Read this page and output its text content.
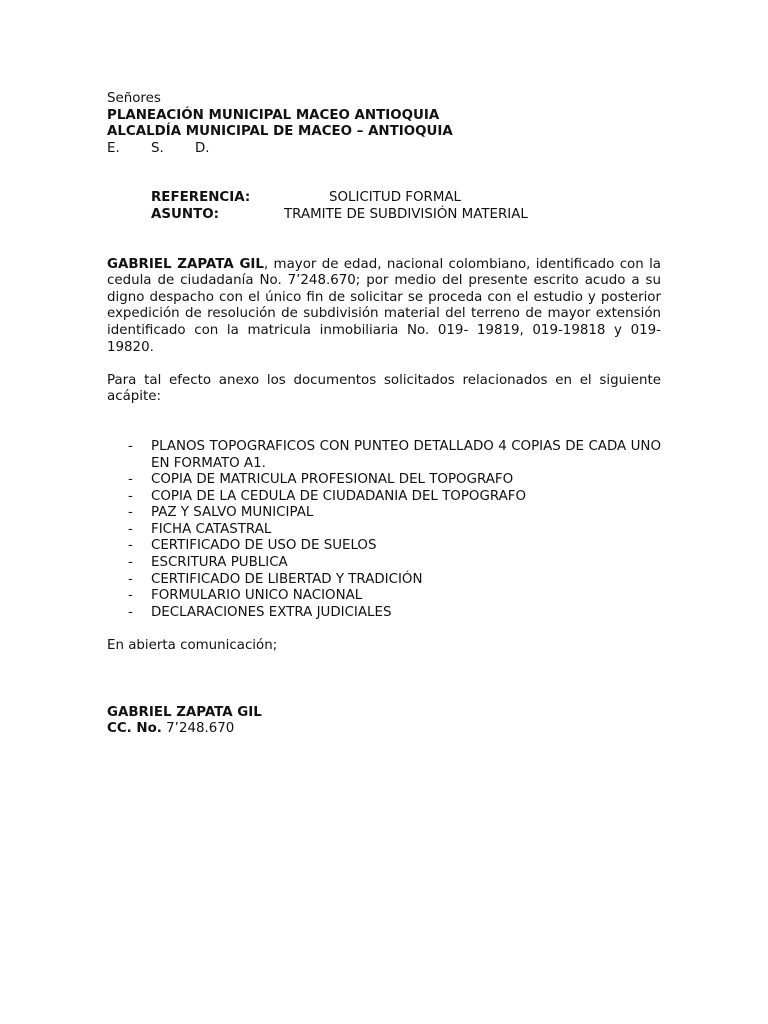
Señores
PLANEACIÓN MUNICIPAL MACEO ANTIOQUIA
ALCALDÍA MUNICIPAL DE MACEO – ANTIOQUIA
E. S. D.
REFERENCIA:	SOLICITUD FORMAL
ASUNTO:	TRAMITE DE SUBDIVISIÓN MATERIAL

GABRIEL ZAPATA GIL, mayor de edad, nacional colombiano, identificado con la cedula de ciudadanía No. 7’248.670; por medio del presente escrito acudo a su digno despacho con el único fin de solicitar se proceda con el estudio y posterior expedición de resolución de subdivisión material del terreno de mayor extensión identificado con la matricula inmobiliaria No. 019- 19819, 019-19818 y 019-19820.

Para tal efecto anexo los documentos solicitados relacionados en el siguiente acápite:

- PLANOS TOPOGRAFICOS CON PUNTEO DETALLADO 4 COPIAS DE CADA UNO EN FORMATO A1.
- COPIA DE MATRICULA PROFESIONAL DEL TOPOGRAFO
- COPIA DE LA CEDULA DE CIUDADANIA DEL TOPOGRAFO
- PAZ Y SALVO MUNICIPAL
- FICHA CATASTRAL
- CERTIFICADO DE USO DE SUELOS
- ESCRITURA PUBLICA
- CERTIFICADO DE LIBERTAD Y TRADICIÓN
- FORMULARIO UNICO NACIONAL
- DECLARACIONES EXTRA JUDICIALES
En abierta comunicación;
GABRIEL ZAPATA GIL
CC. No. 7’248.670
